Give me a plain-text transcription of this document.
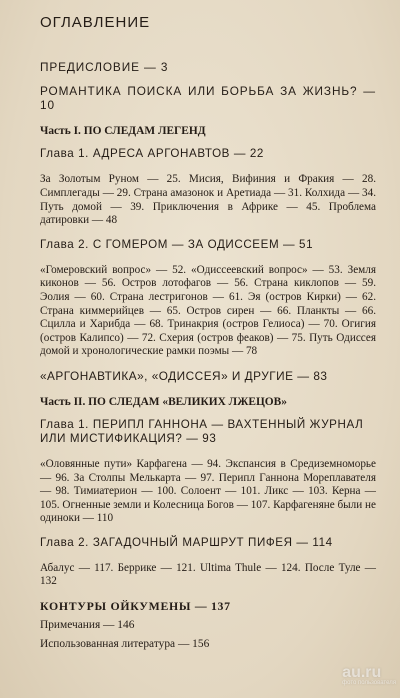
ОГЛАВЛЕНИЕ
ПРЕДИСЛОВИЕ — 3
РОМАНТИКА ПОИСКА ИЛИ БОРЬБА ЗА ЖИЗНЬ? — 10
Часть I. ПО СЛЕДАМ ЛЕГЕНД
Глава 1. АДРЕСА АРГОНАВТОВ — 22
За Золотым Руном — 25. Мисия, Вифиния и Фракия — 28. Симплегады — 29. Страна амазонок и Аретиада — 31. Колхида — 34. Путь домой — 39. Приключения в Африке — 45. Проблема датировки — 48
Глава 2. С ГОМЕРОМ — ЗА ОДИССЕЕМ — 51
«Гомеровский вопрос» — 52. «Одиссеевский вопрос» — 53. Земля киконов — 56. Остров лотофагов — 56. Страна киклопов — 59. Эолия — 60. Страна лестригонов — 61. Эя (остров Кирки) — 62. Страна киммерийцев — 65. Остров сирен — 66. Планкты — 66. Сцилла и Харибда — 68. Тринакрия (остров Гелиоса) — 70. Огигия (остров Калипсо) — 72. Схерия (остров феаков) — 75. Путь Одиссея домой и хронологические рамки поэмы — 78
«АРГОНАВТИКА», «ОДИССЕЯ» И ДРУГИЕ — 83
Часть II. ПО СЛЕДАМ «ВЕЛИКИХ ЛЖЕЦОВ»
Глава 1. ПЕРИПЛ ГАННОНА — ВАХТЕННЫЙ ЖУРНАЛ ИЛИ МИСТИФИКАЦИЯ? — 93
«Оловянные пути» Карфагена — 94. Экспансия в Средиземноморье — 96. За Столпы Мелькарта — 97. Перипл Ганнона Мореплавателя — 98. Тимиатерион — 100. Солоент — 101. Ликс — 103. Керна — 105. Огненные земли и Колесница Богов — 107. Карфагеняне были не одиноки — 110
Глава 2. ЗАГАДОЧНЫЙ МАРШРУТ ПИФЕЯ — 114
Абалус — 117. Беррике — 121. Ultima Thule — 124. После Туле — 132
КОНТУРЫ ОЙКУМЕНЫ — 137
Примечания — 146
Использованная литература — 156
au.ru
фото пользователя
